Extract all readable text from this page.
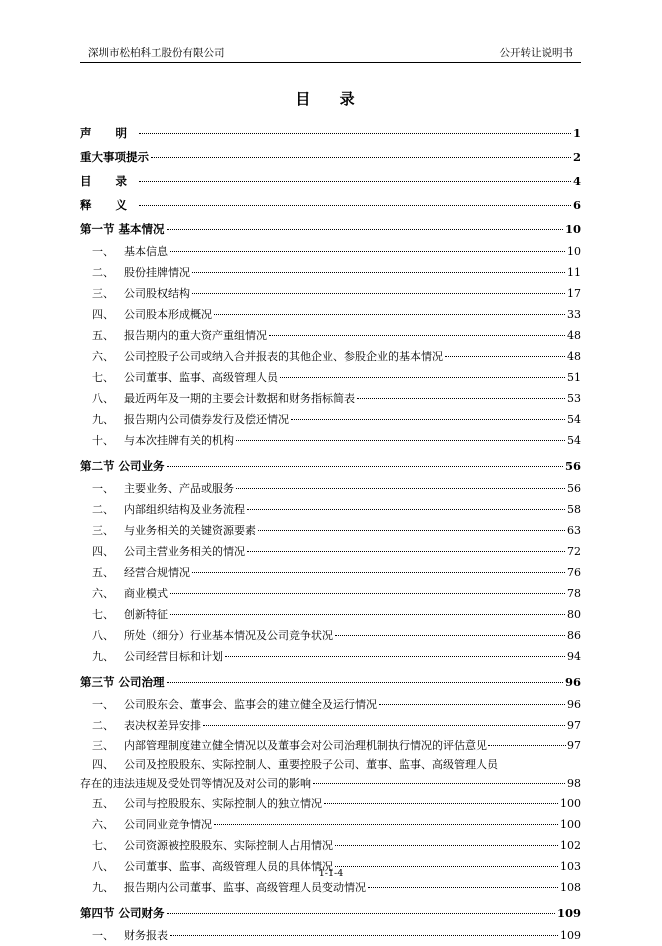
深圳市松柏科工股份有限公司	公开转让说明书
目 录
声 明	1
重大事项提示	2
目 录	4
释 义	6
第一节 基本情况	10
一、 基本信息	10
二、 股份挂牌情况	11
三、 公司股权结构	17
四、 公司股本形成概况	33
五、 报告期内的重大资产重组情况	48
六、 公司控股子公司或纳入合并报表的其他企业、参股企业的基本情况	48
七、 公司董事、监事、高级管理人员	51
八、 最近两年及一期的主要会计数据和财务指标简表	53
九、 报告期内公司债券发行及偿还情况	54
十、 与本次挂牌有关的机构	54
第二节 公司业务	56
一、 主要业务、产品或服务	56
二、 内部组织结构及业务流程	58
三、 与业务相关的关键资源要素	63
四、 公司主营业务相关的情况	72
五、 经营合规情况	76
六、 商业模式	78
七、 创新特征	80
八、 所处（细分）行业基本情况及公司竞争状况	86
九、 公司经营目标和计划	94
第三节 公司治理	96
一、 公司股东会、董事会、监事会的建立健全及运行情况	96
二、 表决权差异安排	97
三、 内部管理制度建立健全情况以及董事会对公司治理机制执行情况的评估意见	97
四、 公司及控股股东、实际控制人、重要控股子公司、董事、监事、高级管理人员
存在的违法违规及受处罚等情况及对公司的影响	98
五、 公司与控股股东、实际控制人的独立情况	100
六、 公司同业竞争情况	100
七、 公司资源被控股股东、实际控制人占用情况	102
八、 公司董事、监事、高级管理人员的具体情况	103
九、 报告期内公司董事、监事、高级管理人员变动情况	108
第四节 公司财务	109
一、 财务报表	109
1-1-4
